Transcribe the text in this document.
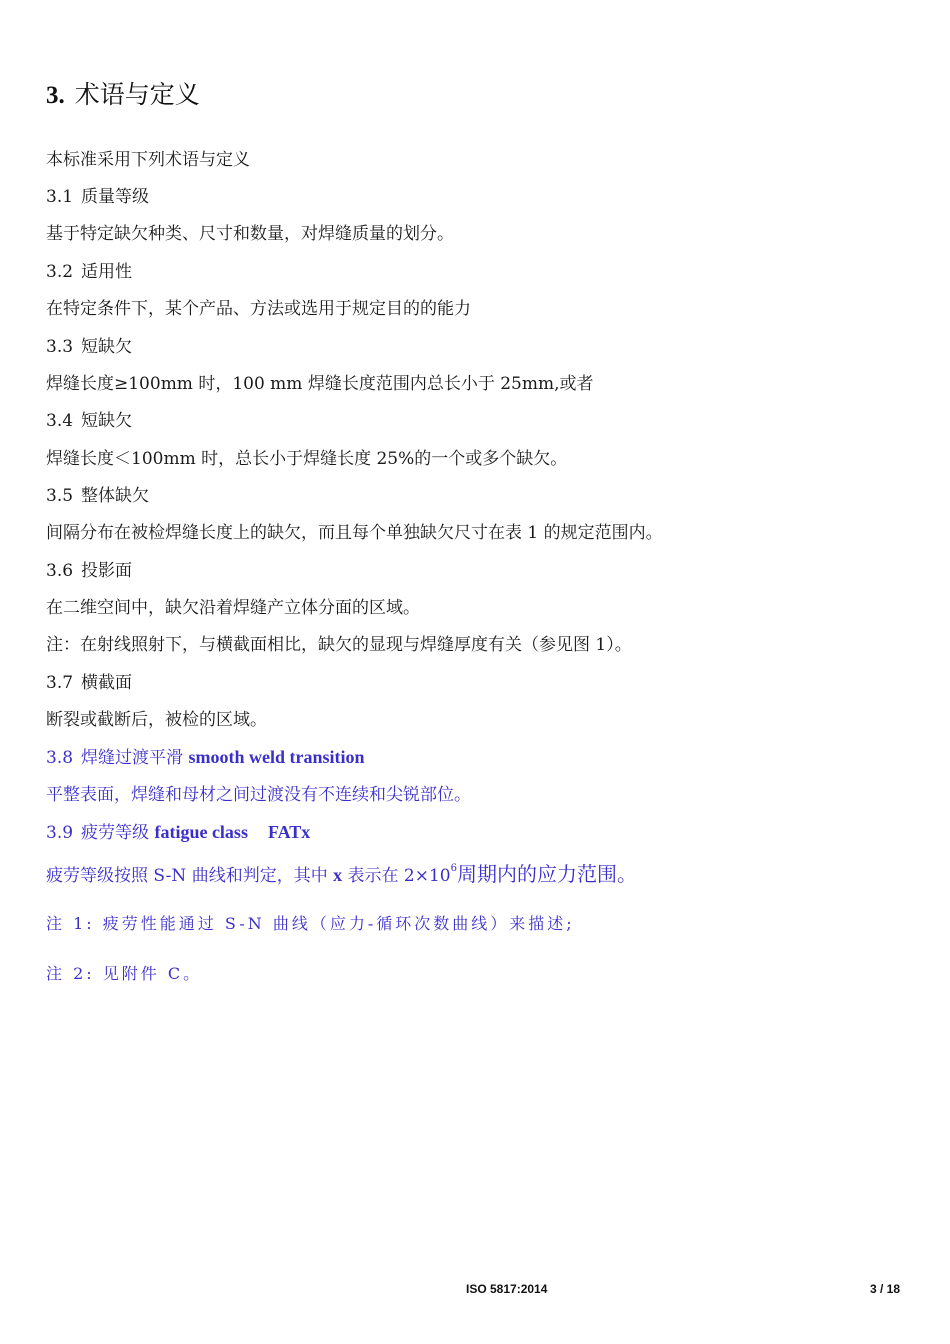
3. 术语与定义
本标准采用下列术语与定义
3.1 质量等级
基于特定缺欠种类、尺寸和数量，对焊缝质量的划分。
3.2 适用性
在特定条件下，某个产品、方法或选用于规定目的的能力
3.3 短缺欠
焊缝长度≥100mm 时，100 mm 焊缝长度范围内总长小于 25mm,或者
3.4 短缺欠
焊缝长度＜100mm 时，总长小于焊缝长度 25%的一个或多个缺欠。
3.5 整体缺欠
间隔分布在被检焊缝长度上的缺欠，而且每个单独缺欠尺寸在表 1 的规定范围内。
3.6 投影面
在二维空间中，缺欠沿着焊缝产立体分面的区域。
注：在射线照射下，与横截面相比，缺欠的显现与焊缝厚度有关（参见图 1）。
3.7 横截面
断裂或截断后，被检的区域。
3.8 焊缝过渡平滑 smooth weld transition
平整表面，焊缝和母材之间过渡没有不连续和尖锐部位。
3.9 疲劳等级 fatigue class FATx
疲劳等级按照 S-N 曲线和判定，其中 x 表示在 $2\times 10^6$周期内的应力范围。
注 1: 疲劳性能通过 S-N 曲线（应力-循环次数曲线）来描述;
注 2: 见附件 C。
ISO 5817:2014	3 / 18
